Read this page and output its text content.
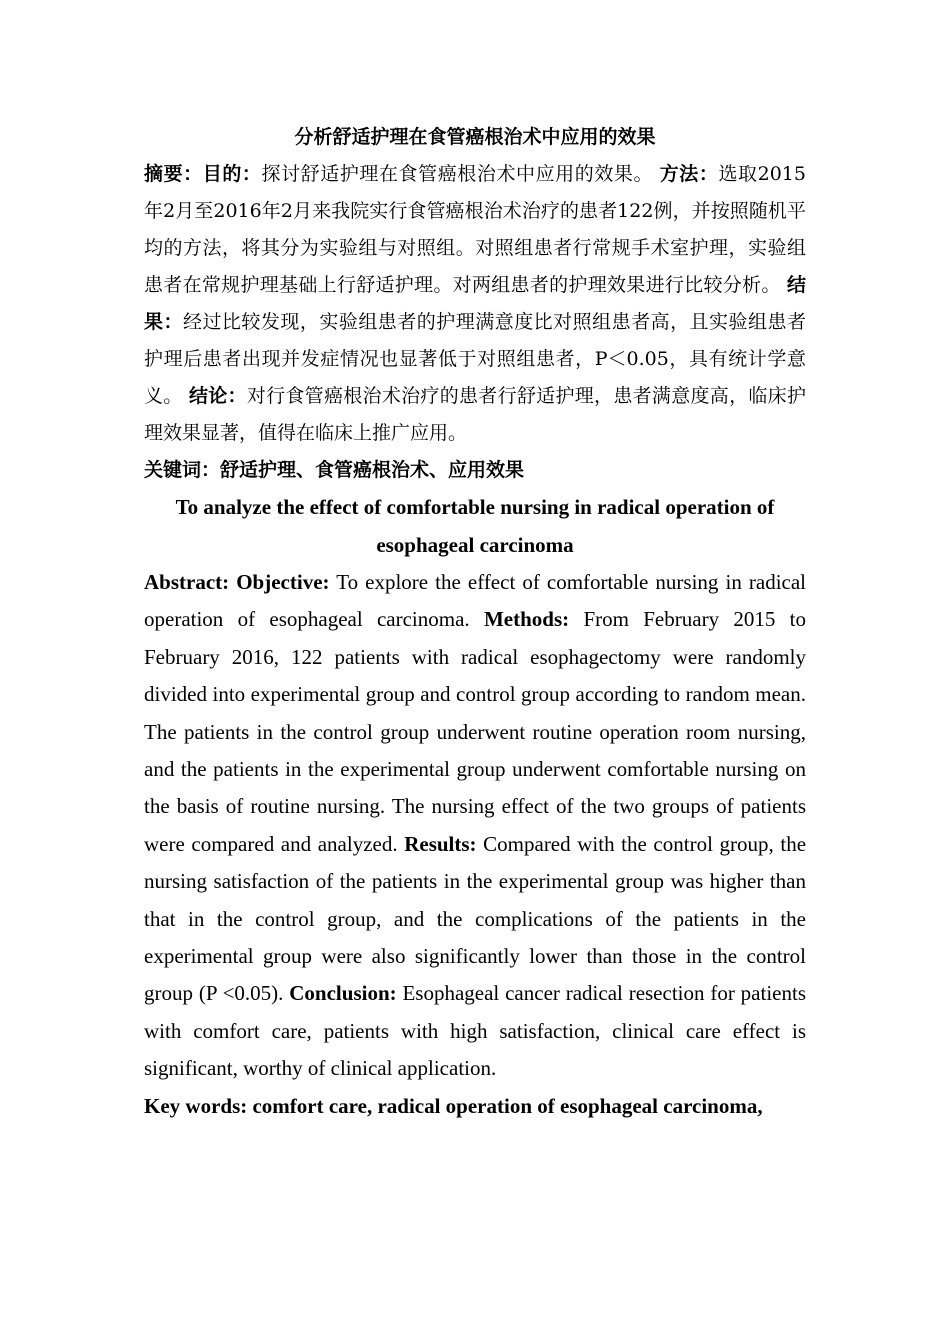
分析舒适护理在食管癌根治术中应用的效果

摘要：目的：探讨舒适护理在食管癌根治术中应用的效果。 方法：选取2015年2月至2016年2月来我院实行食管癌根治术治疗的患者122例，并按照随机平均的方法，将其分为实验组与对照组。对照组患者行常规手术室护理，实验组患者在常规护理基础上行舒适护理。对两组患者的护理效果进行比较分析。 结果：经过比较发现，实验组患者的护理满意度比对照组患者高，且实验组患者护理后患者出现并发症情况也显著低于对照组患者，P＜0.05，具有统计学意义。 结论：对行食管癌根治术治疗的患者行舒适护理，患者满意度高，临床护理效果显著，值得在临床上推广应用。

关键词：舒适护理、食管癌根治术、应用效果

To analyze the effect of comfortable nursing in radical operation of esophageal carcinoma

Abstract: Objective: To explore the effect of comfortable nursing in radical operation of esophageal carcinoma. Methods: From February 2015 to February 2016, 122 patients with radical esophagectomy were randomly divided into experimental group and control group according to random mean. The patients in the control group underwent routine operation room nursing, and the patients in the experimental group underwent comfortable nursing on the basis of routine nursing. The nursing effect of the two groups of patients were compared and analyzed. Results: Compared with the control group, the nursing satisfaction of the patients in the experimental group was higher than that in the control group, and the complications of the patients in the experimental group were also significantly lower than those in the control group (P <0.05). Conclusion: Esophageal cancer radical resection for patients with comfort care, patients with high satisfaction, clinical care effect is significant, worthy of clinical application.

Key words: comfort care, radical operation of esophageal carcinoma,
